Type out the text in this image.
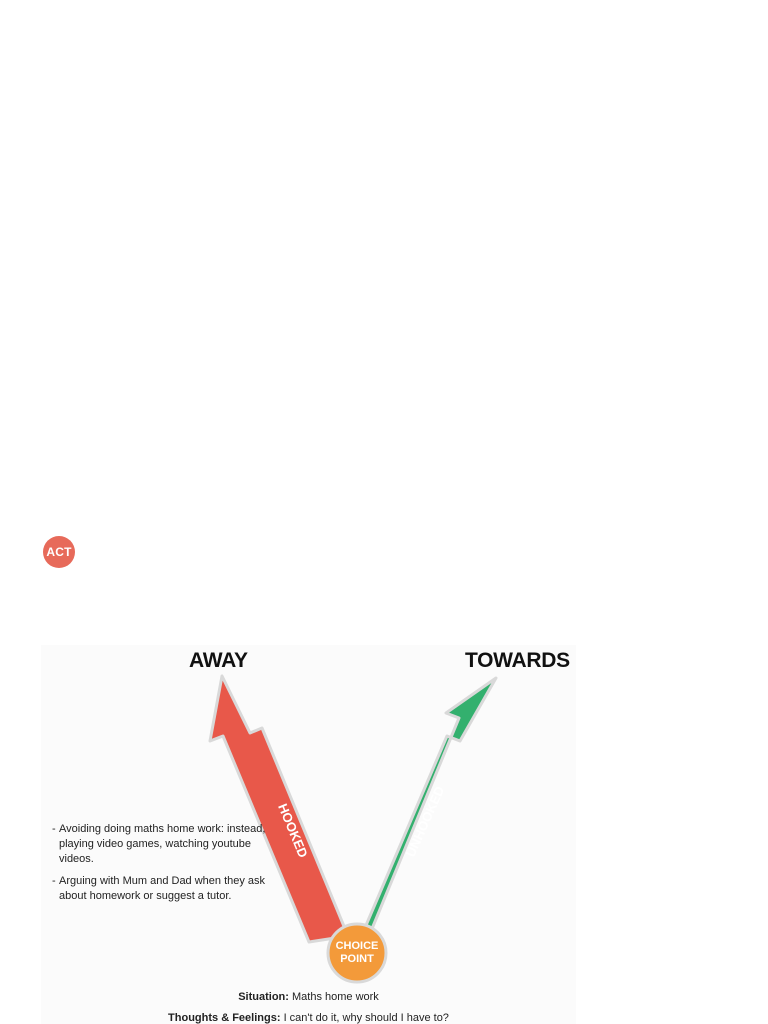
ACT
AWAY	TOWARDS
HOOKED	UNHOOKED
CHOICE
POINT
- Avoiding doing maths home work: instead, playing video games, watching youtube videos.
- Arguing with Mum and Dad when they ask about homework or suggest a tutor.
Situation: Maths home work
Thoughts & Feelings: I can't do it, why should I have to?
